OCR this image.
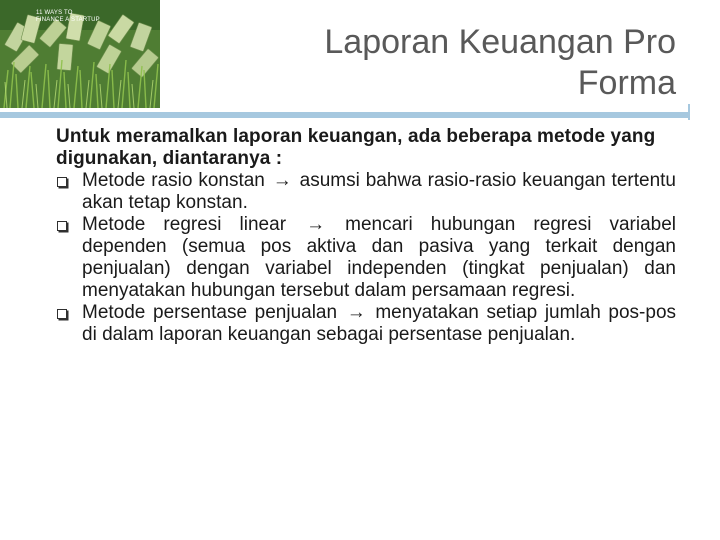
11 WAYS TO
FINANCE A STARTUP
Laporan Keuangan Pro
Forma

Untuk meramalkan laporan keuangan, ada beberapa metode yang digunakan, diantaranya :

Metode rasio konstan → asumsi bahwa rasio-rasio keuangan tertentu akan tetap konstan.
Metode regresi linear → mencari hubungan regresi variabel dependen (semua pos aktiva dan pasiva yang terkait dengan penjualan) dengan variabel independen (tingkat penjualan) dan menyatakan hubungan tersebut dalam persamaan regresi.
Metode persentase penjualan → menyatakan setiap jumlah pos-pos di dalam laporan keuangan sebagai persentase penjualan.
